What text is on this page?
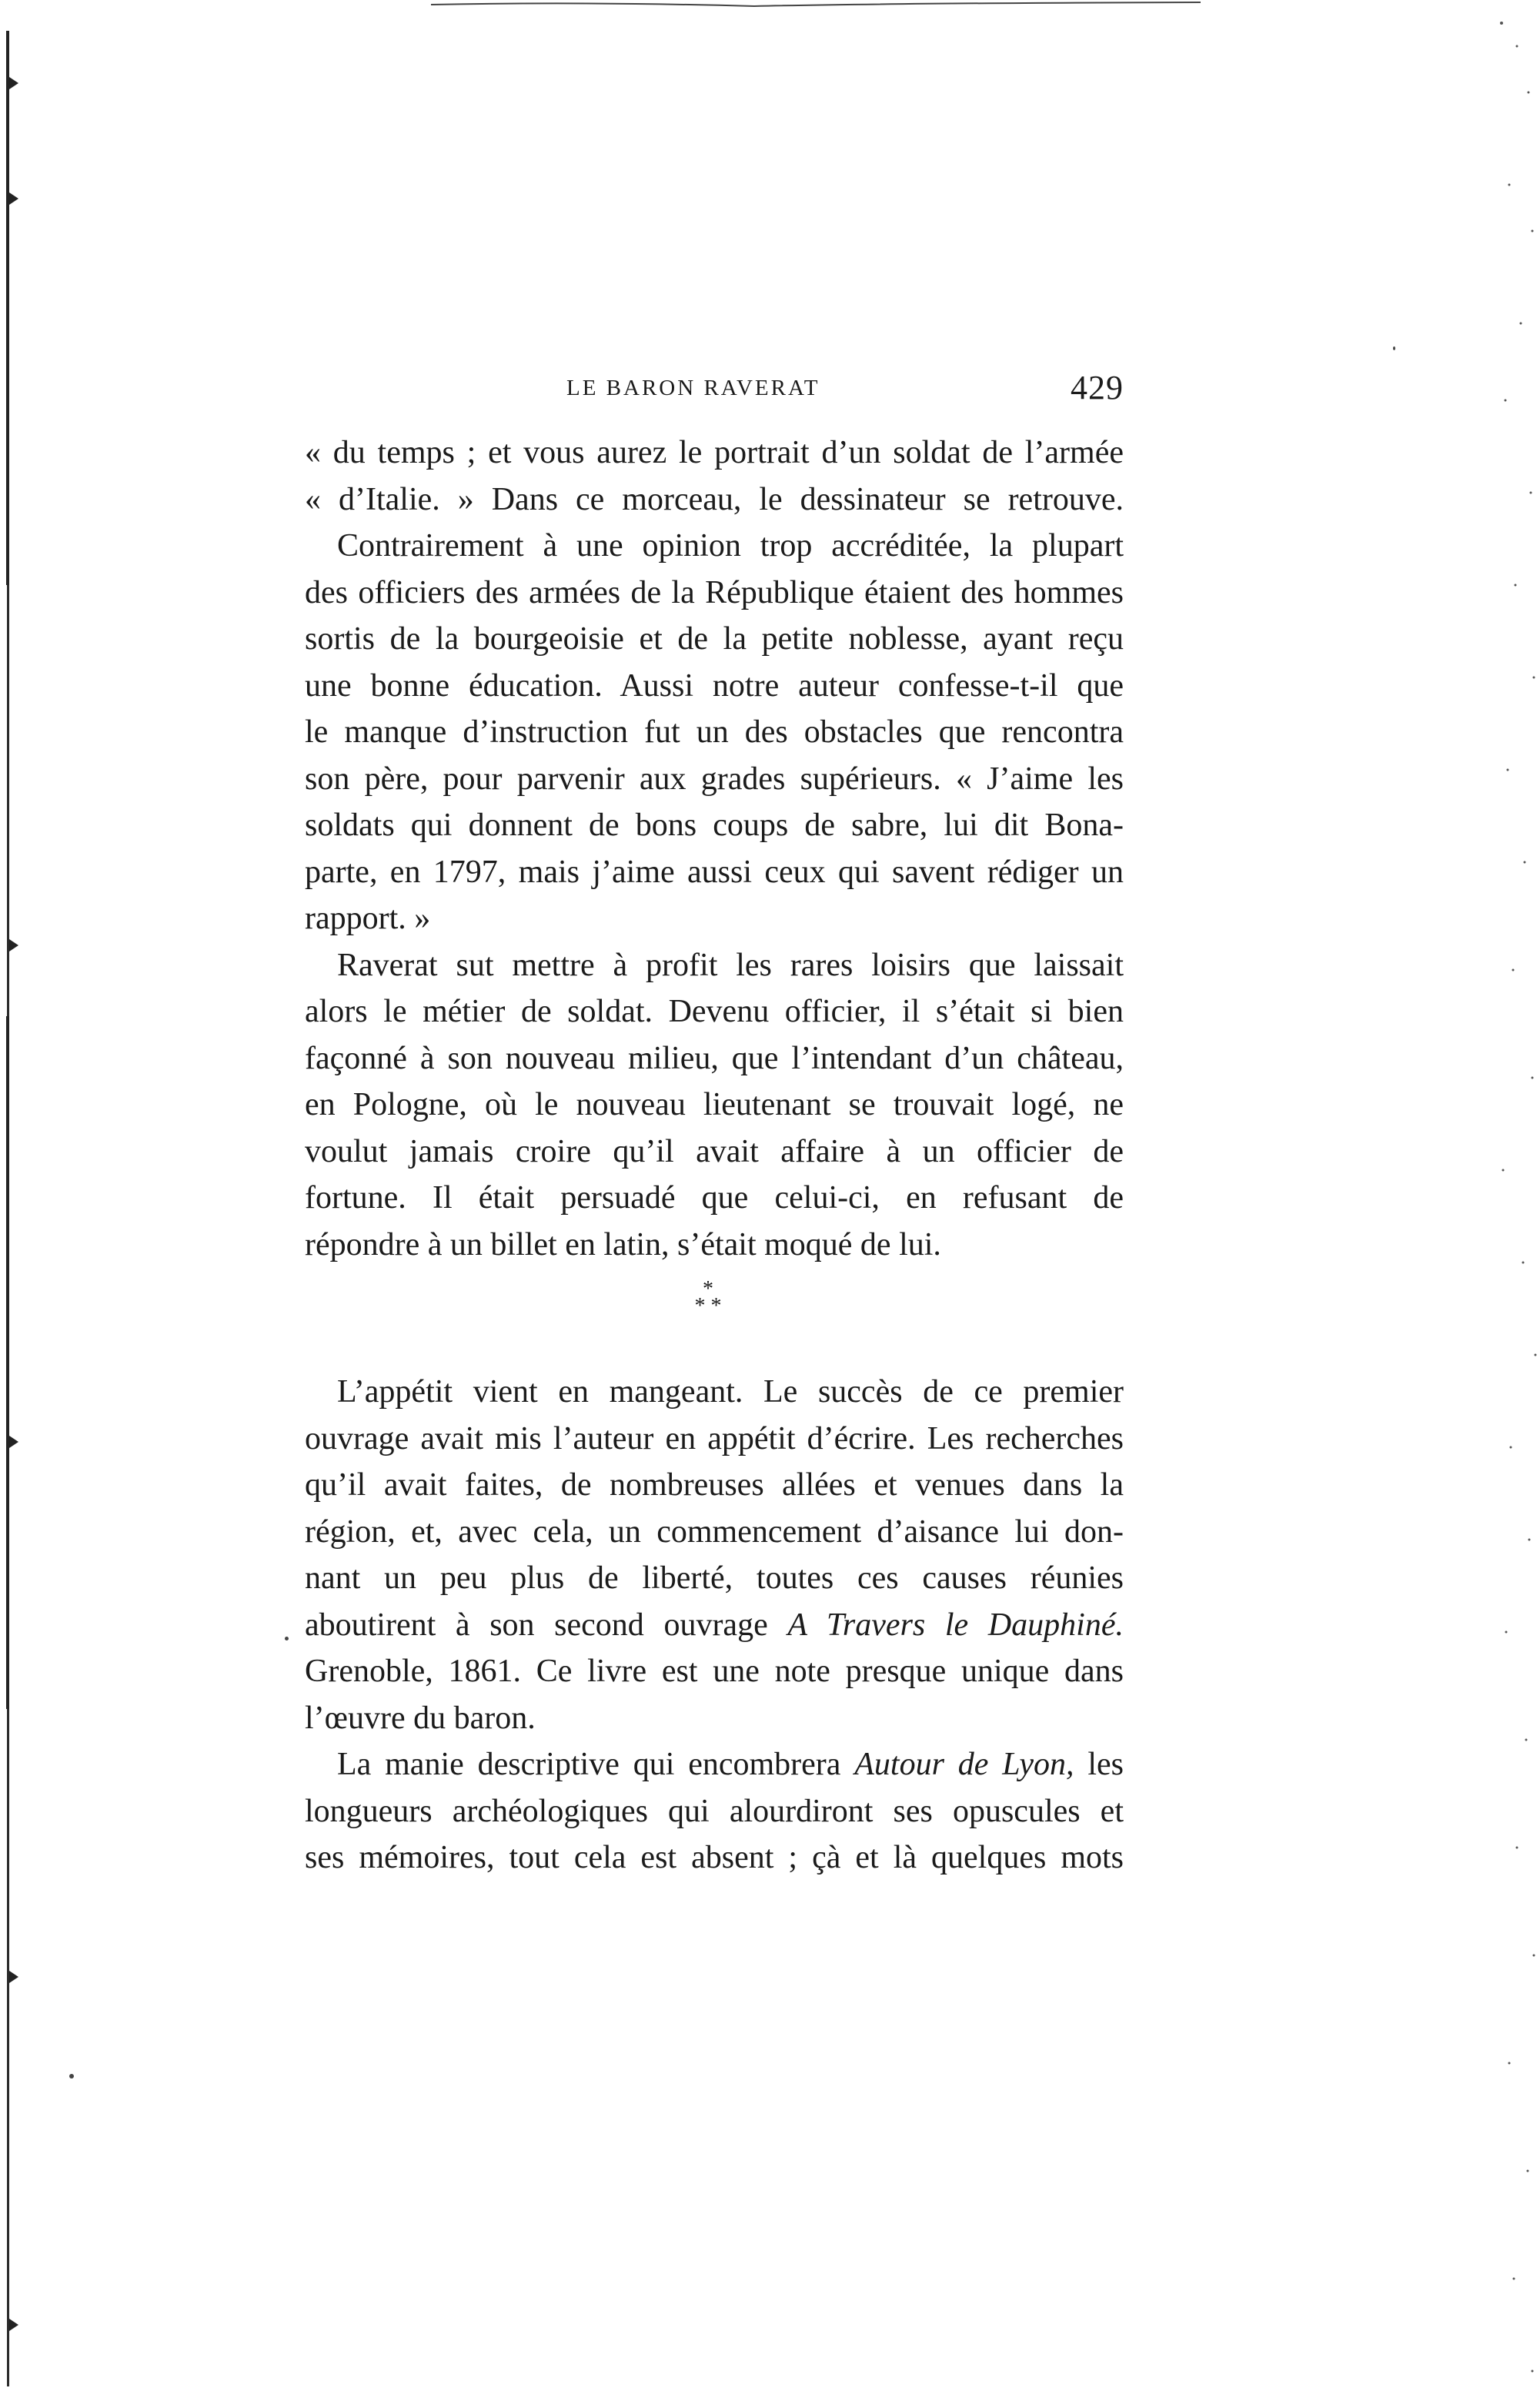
LE BARON RAVERAT	429

« du temps ; et vous aurez le portrait d’un soldat de l’armée
« d’Italie. » Dans ce morceau, le dessinateur se retrouve.

Contrairement à une opinion trop accréditée, la plupart
des officiers des armées de la République étaient des hommes
sortis de la bourgeoisie et de la petite noblesse, ayant reçu
une bonne éducation. Aussi notre auteur confesse-t-il que
le manque d’instruction fut un des obstacles que rencontra
son père, pour parvenir aux grades supérieurs. « J’aime les
soldats qui donnent de bons coups de sabre, lui dit Bona-
parte, en 1797, mais j’aime aussi ceux qui savent rédiger un
rapport. »

Raverat sut mettre à profit les rares loisirs que laissait
alors le métier de soldat. Devenu officier, il s’était si bien
façonné à son nouveau milieu, que l’intendant d’un château,
en Pologne, où le nouveau lieutenant se trouvait logé, ne
voulut jamais croire qu’il avait affaire à un officier de
fortune. Il était persuadé que celui-ci, en refusant de
répondre à un billet en latin, s’était moqué de lui.

*
* *

L’appétit vient en mangeant. Le succès de ce premier
ouvrage avait mis l’auteur en appétit d’écrire. Les recherches
qu’il avait faites, de nombreuses allées et venues dans la
région, et, avec cela, un commencement d’aisance lui don-
nant un peu plus de liberté, toutes ces causes réunies
aboutirent à son second ouvrage A Travers le Dauphiné.
Grenoble, 1861. Ce livre est une note presque unique dans
l’œuvre du baron.

La manie descriptive qui encombrera Autour de Lyon, les
longueurs archéologiques qui alourdiront ses opuscules et
ses mémoires, tout cela est absent ; çà et là quelques mots
